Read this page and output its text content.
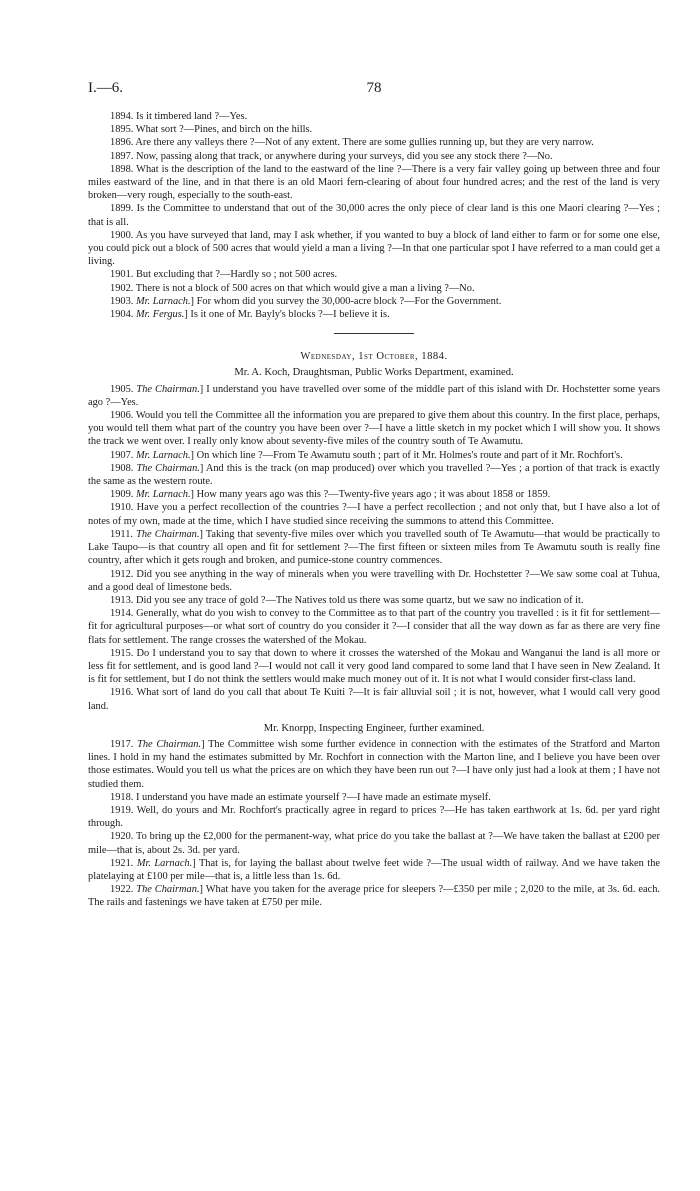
I.—6.	78

1894. Is it timbered land ?—Yes.

1895. What sort ?—Pines, and birch on the hills.

1896. Are there any valleys there ?—Not of any extent. There are some gullies running up, but they are very narrow.

1897. Now, passing along that track, or anywhere during your surveys, did you see any stock there ?—No.

1898. What is the description of the land to the eastward of the line ?—There is a very fair valley going up between three and four miles eastward of the line, and in that there is an old Maori fern-clearing of about four hundred acres; and the rest of the land is very broken—very rough, especially to the south-east.

1899. Is the Committee to understand that out of the 30,000 acres the only piece of clear land is this one Maori clearing ?—Yes ; that is all.

1900. As you have surveyed that land, may I ask whether, if you wanted to buy a block of land either to farm or for some one else, you could pick out a block of 500 acres that would yield a man a living ?—In that one particular spot I have referred to a man could get a living.

1901. But excluding that ?—Hardly so ; not 500 acres.

1902. There is not a block of 500 acres on that which would give a man a living ?—No.

1903. Mr. Larnach.] For whom did you survey the 30,000-acre block ?—For the Government.

1904. Mr. Fergus.] Is it one of Mr. Bayly's blocks ?—I believe it is.

Wednesday, 1st October, 1884.

Mr. A. Koch, Draughtsman, Public Works Department, examined.

1905. The Chairman.] I understand you have travelled over some of the middle part of this island with Dr. Hochstetter some years ago ?—Yes.

1906. Would you tell the Committee all the information you are prepared to give them about this country. In the first place, perhaps, you would tell them what part of the country you have been over ?—I have a little sketch in my pocket which I will show you. It shows the track we went over. I really only know about seventy-five miles of the country south of Te Awamutu.

1907. Mr. Larnach.] On which line ?—From Te Awamutu south ; part of it Mr. Holmes's route and part of it Mr. Rochfort's.

1908. The Chairman.] And this is the track (on map produced) over which you travelled ?—Yes ; a portion of that track is exactly the same as the western route.

1909. Mr. Larnach.] How many years ago was this ?—Twenty-five years ago ; it was about 1858 or 1859.

1910. Have you a perfect recollection of the countries ?—I have a perfect recollection ; and not only that, but I have also a lot of notes of my own, made at the time, which I have studied since receiving the summons to attend this Committee.

1911. The Chairman.] Taking that seventy-five miles over which you travelled south of Te Awamutu—that would be practically to Lake Taupo—is that country all open and fit for settlement ?—The first fifteen or sixteen miles from Te Awamutu south is really fine country, after which it gets rough and broken, and pumice-stone country commences.

1912. Did you see anything in the way of minerals when you were travelling with Dr. Hochstetter ?—We saw some coal at Tuhua, and a good deal of limestone beds.

1913. Did you see any trace of gold ?—The Natives told us there was some quartz, but we saw no indication of it.

1914. Generally, what do you wish to convey to the Committee as to that part of the country you travelled : is it fit for settlement—fit for agricultural purposes—or what sort of country do you consider it ?—I consider that all the way down as far as there are very fine flats for settlement. The range crosses the watershed of the Mokau.

1915. Do I understand you to say that down to where it crosses the watershed of the Mokau and Wanganui the land is all more or less fit for settlement, and is good land ?—I would not call it very good land compared to some land that I have seen in New Zealand. It is fit for settlement, but I do not think the settlers would make much money out of it. It is not what I would consider first-class land.

1916. What sort of land do you call that about Te Kuiti ?—It is fair alluvial soil ; it is not, however, what I would call very good land.

Mr. Knorpp, Inspecting Engineer, further examined.

1917. The Chairman.] The Committee wish some further evidence in connection with the estimates of the Stratford and Marton lines. I hold in my hand the estimates submitted by Mr. Rochfort in connection with the Marton line, and I believe you have been over those estimates. Would you tell us what the prices are on which they have been run out ?—I have only just had a look at them ; I have not studied them.

1918. I understand you have made an estimate yourself ?—I have made an estimate myself.

1919. Well, do yours and Mr. Rochfort's practically agree in regard to prices ?—He has taken earthwork at 1s. 6d. per yard right through.

1920. To bring up the £2,000 for the permanent-way, what price do you take the ballast at ?—We have taken the ballast at £200 per mile—that is, about 2s. 3d. per yard.

1921. Mr. Larnach.] That is, for laying the ballast about twelve feet wide ?—The usual width of railway. And we have taken the platelaying at £100 per mile—that is, a little less than 1s. 6d.

1922. The Chairman.] What have you taken for the average price for sleepers ?—£350 per mile ; 2,020 to the mile, at 3s. 6d. each. The rails and fastenings we have taken at £750 per mile.
